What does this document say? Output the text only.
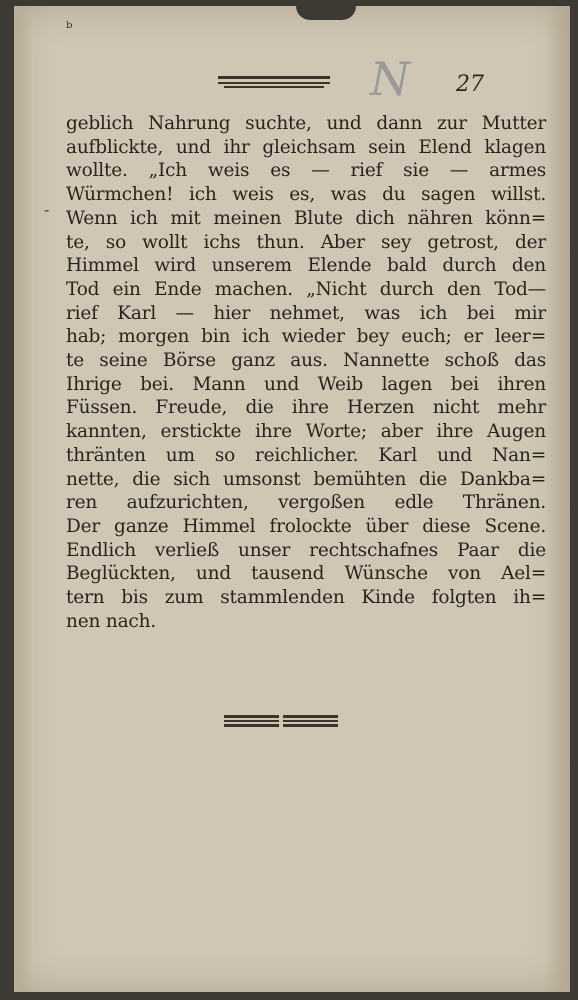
ᵇ
N 27
-
geblich Nahrung suchte, und dann zur Mutter
aufblickte, und ihr gleichsam sein Elend klagen
wollte. „Ich weis es — rief sie — armes
Würmchen! ich weis es, was du sagen willst.
Wenn ich mit meinen Blute dich nähren könn=
te, so wollt ichs thun. Aber sey getrost, der
Himmel wird unserem Elende bald durch den
Tod ein Ende machen. „Nicht durch den Tod—
rief Karl — hier nehmet, was ich bei mir
hab; morgen bin ich wieder bey euch; er leer=
te seine Börse ganz aus. Nannette schoß das
Ihrige bei. Mann und Weib lagen bei ihren
Füssen. Freude, die ihre Herzen nicht mehr
kannten, erstickte ihre Worte; aber ihre Augen
thränten um so reichlicher. Karl und Nan=
nette, die sich umsonst bemühten die Dankba=
ren aufzurichten, vergoßen edle Thränen.
Der ganze Himmel frolockte über diese Scene.
Endlich verließ unser rechtschafnes Paar die
Beglückten, und tausend Wünsche von Ael=
tern bis zum stammlenden Kinde folgten ih=
nen nach.
